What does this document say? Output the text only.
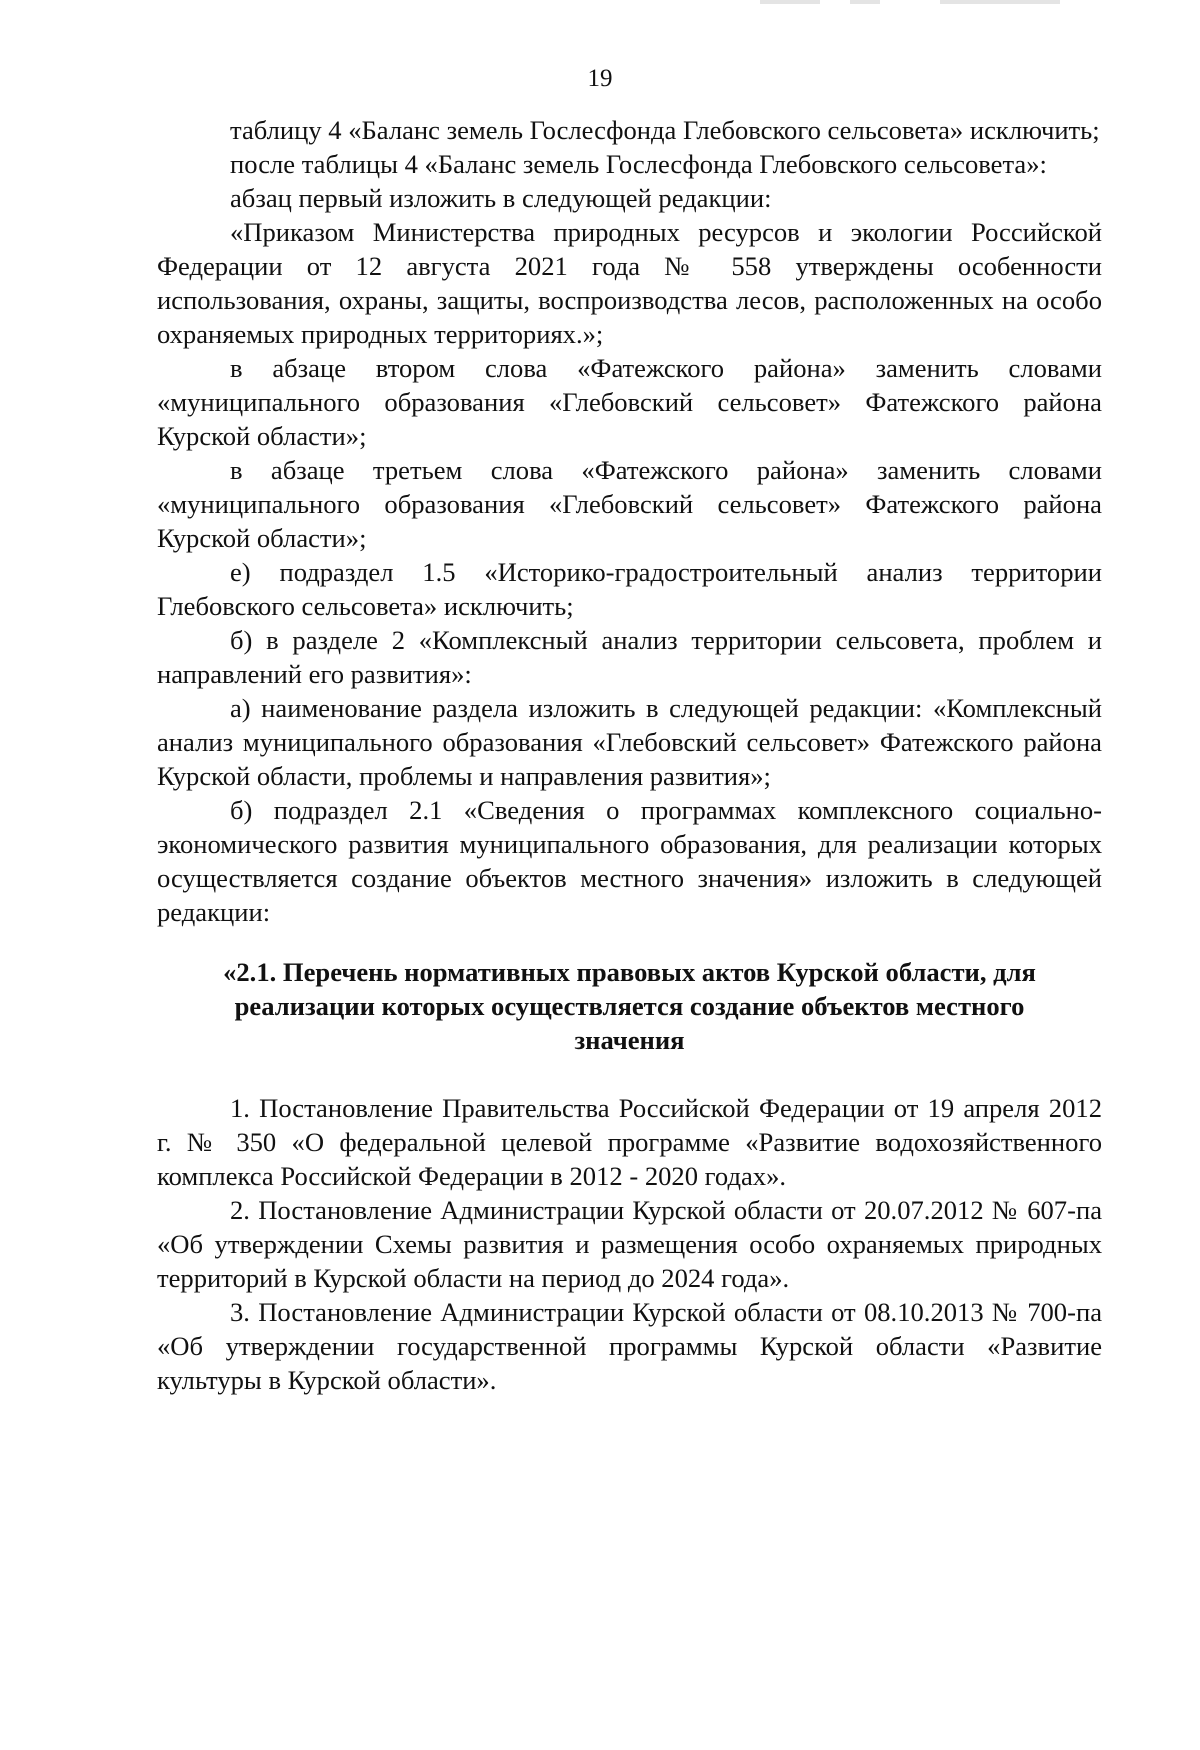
19

таблицу 4 «Баланс земель Гослесфонда Глебовского сельсовета» исключить;

после таблицы 4 «Баланс земель Гослесфонда Глебовского сельсовета»:

абзац первый изложить в следующей редакции:

«Приказом Министерства природных ресурсов и экологии Российской Федерации от 12 августа 2021 года № 558 утверждены особенности использования, охраны, защиты, воспроизводства лесов, расположенных на особо охраняемых природных территориях.»;

в абзаце втором слова «Фатежского района» заменить словами «муниципального образования «Глебовский сельсовет» Фатежского района Курской области»;

в абзаце третьем слова «Фатежского района» заменить словами «муниципального образования «Глебовский сельсовет» Фатежского района Курской области»;

е) подраздел 1.5 «Историко-градостроительный анализ территории Глебовского сельсовета» исключить;

б) в разделе 2 «Комплексный анализ территории сельсовета, проблем и направлений его развития»:

а) наименование раздела изложить в следующей редакции: «Комплексный анализ муниципального образования «Глебовский сельсовет» Фатежского района Курской области, проблемы и направления развития»;

б) подраздел 2.1 «Сведения о программах комплексного социально-экономического развития муниципального образования, для реализации которых осуществляется создание объектов местного значения» изложить в следующей редакции:

«2.1. Перечень нормативных правовых актов Курской области, для реализации которых осуществляется создание объектов местного значения

1. Постановление Правительства Российской Федерации от 19 апреля 2012 г. № 350 «О федеральной целевой программе «Развитие водохозяйственного комплекса Российской Федерации в 2012 - 2020 годах».

2. Постановление Администрации Курской области от 20.07.2012 № 607-па «Об утверждении Схемы развития и размещения особо охраняемых природных территорий в Курской области на период до 2024 года».

3. Постановление Администрации Курской области от 08.10.2013 № 700-па «Об утверждении государственной программы Курской области «Развитие культуры в Курской области».
